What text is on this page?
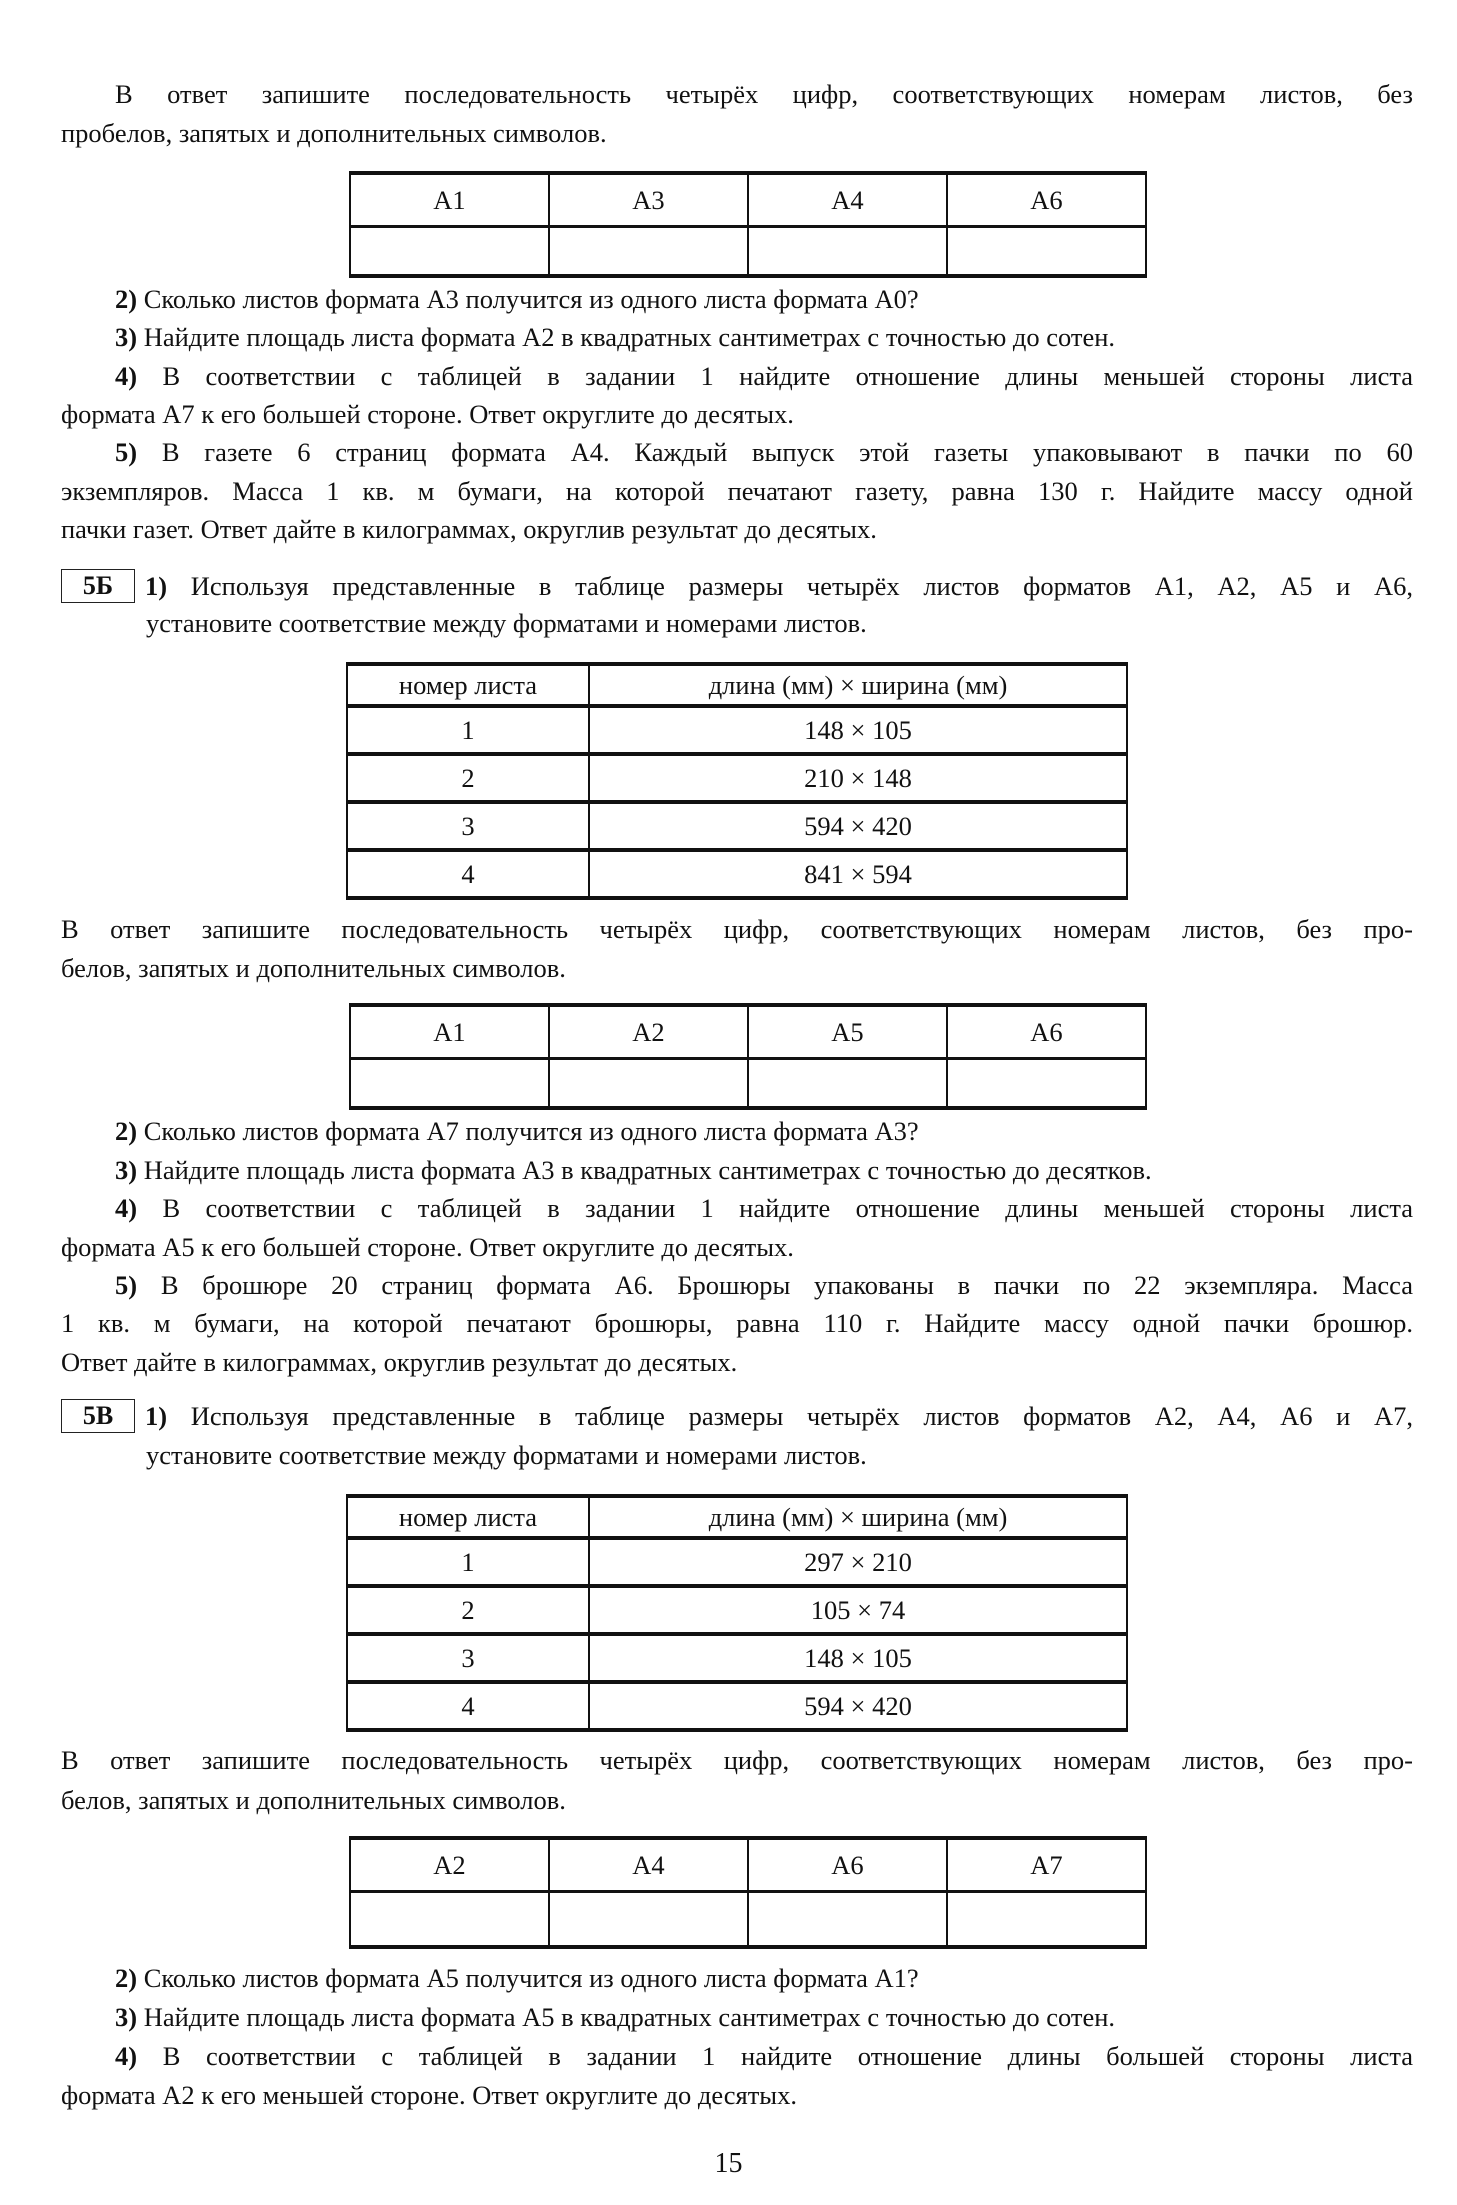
В ответ запишите последовательность четырёх цифр, соответствующих номерам листов, без
пробелов, запятых и дополнительных символов.
А1	А3	А4	А6

2) Сколько листов формата А3 получится из одного листа формата А0?
3) Найдите площадь листа формата А2 в квадратных сантиметрах с точностью до сотен.
4) В соответствии с таблицей в задании 1 найдите отношение длины меньшей стороны листа
формата А7 к его большей стороне. Ответ округлите до десятых.
5) В газете 6 страниц формата А4. Каждый выпуск этой газеты упаковывают в пачки по 60
экземпляров. Масса 1 кв. м бумаги, на которой печатают газету, равна 130 г. Найдите массу одной
пачки газет. Ответ дайте в килограммах, округлив результат до десятых.
5Б	1) Используя представленные в таблице размеры четырёх листов форматов А1, А2, А5 и А6,
установите соответствие между форматами и номерами листов.
номер листа	длина (мм) × ширина (мм)
1	148 × 105
2	210 × 148
3	594 × 420
4	841 × 594
В ответ запишите последовательность четырёх цифр, соответствующих номерам листов, без про-
белов, запятых и дополнительных символов.
А1	А2	А5	А6

2) Сколько листов формата А7 получится из одного листа формата А3?
3) Найдите площадь листа формата А3 в квадратных сантиметрах с точностью до десятков.
4) В соответствии с таблицей в задании 1 найдите отношение длины меньшей стороны листа
формата А5 к его большей стороне. Ответ округлите до десятых.
5) В брошюре 20 страниц формата А6. Брошюры упакованы в пачки по 22 экземпляра. Масса
1 кв. м бумаги, на которой печатают брошюры, равна 110 г. Найдите массу одной пачки брошюр.
Ответ дайте в килограммах, округлив результат до десятых.
5В	1) Используя представленные в таблице размеры четырёх листов форматов А2, А4, А6 и А7,
установите соответствие между форматами и номерами листов.
номер листа	длина (мм) × ширина (мм)
1	297 × 210
2	105 × 74
3	148 × 105
4	594 × 420
В ответ запишите последовательность четырёх цифр, соответствующих номерам листов, без про-
белов, запятых и дополнительных символов.
А2	А4	А6	А7

2) Сколько листов формата А5 получится из одного листа формата А1?
3) Найдите площадь листа формата А5 в квадратных сантиметрах с точностью до сотен.
4) В соответствии с таблицей в задании 1 найдите отношение длины большей стороны листа
формата А2 к его меньшей стороне. Ответ округлите до десятых.
15
